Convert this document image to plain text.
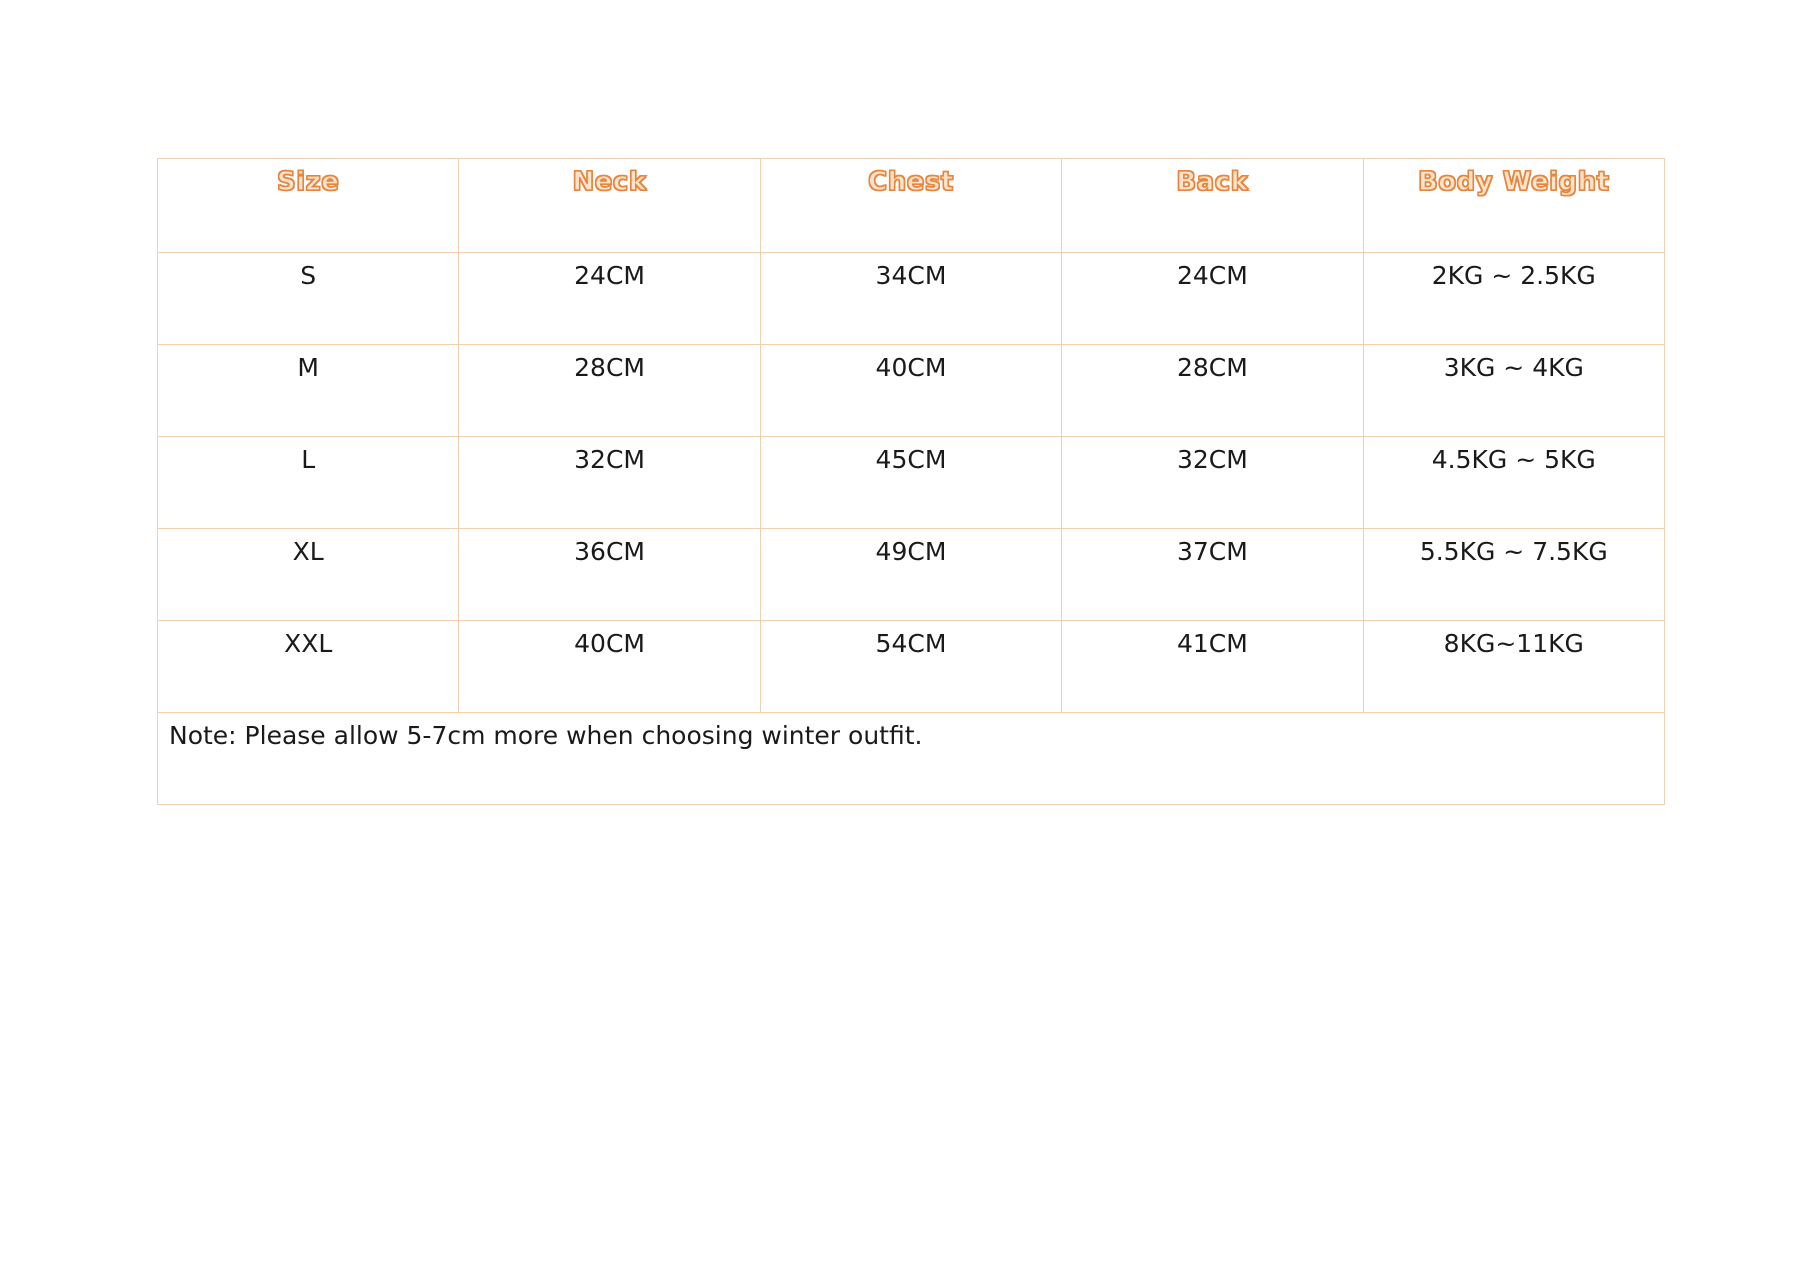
Size	Neck	Chest	Back	Body Weight

S	24CM	34CM	24CM	2KG ~ 2.5KG

M	28CM	40CM	28CM	3KG ~ 4KG

L	32CM	45CM	32CM	4.5KG ~ 5KG

XL	36CM	49CM	37CM	5.5KG ~ 7.5KG

XXL	40CM	54CM	41CM	8KG~11KG

Note: Please allow 5-7cm more when choosing winter outfit.				
